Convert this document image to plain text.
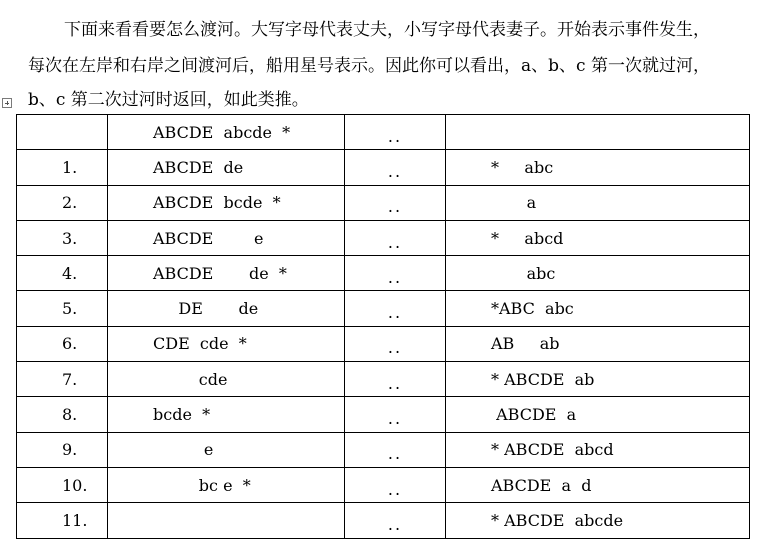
下面来看看要怎么渡河。大写字母代表丈夫，小写字母代表妻子。开始表示事件发生，
每次在左岸和右岸之间渡河后，船用星号表示。因此你可以看出，a、b、c 第一次就过河，
b、c 第二次过河时返回，如此类推。
	ABCDE  abcde  *	..	
1.	ABCDE  de	..	*     abc
2.	ABCDE  bcde  *	..	a
3.	ABCDE        e	..	*     abcd
4.	ABCDE       de  *	..	abc
5.	DE       de	..	*ABC  abc
6.	CDE  cde  *	..	AB     ab
7.	cde	..	* ABCDE  ab
8.	bcde  *	..	ABCDE  a
9.	e	..	* ABCDE  abcd
10.	bc e  *	..	ABCDE  a  d
11.		..	* ABCDE  abcde
